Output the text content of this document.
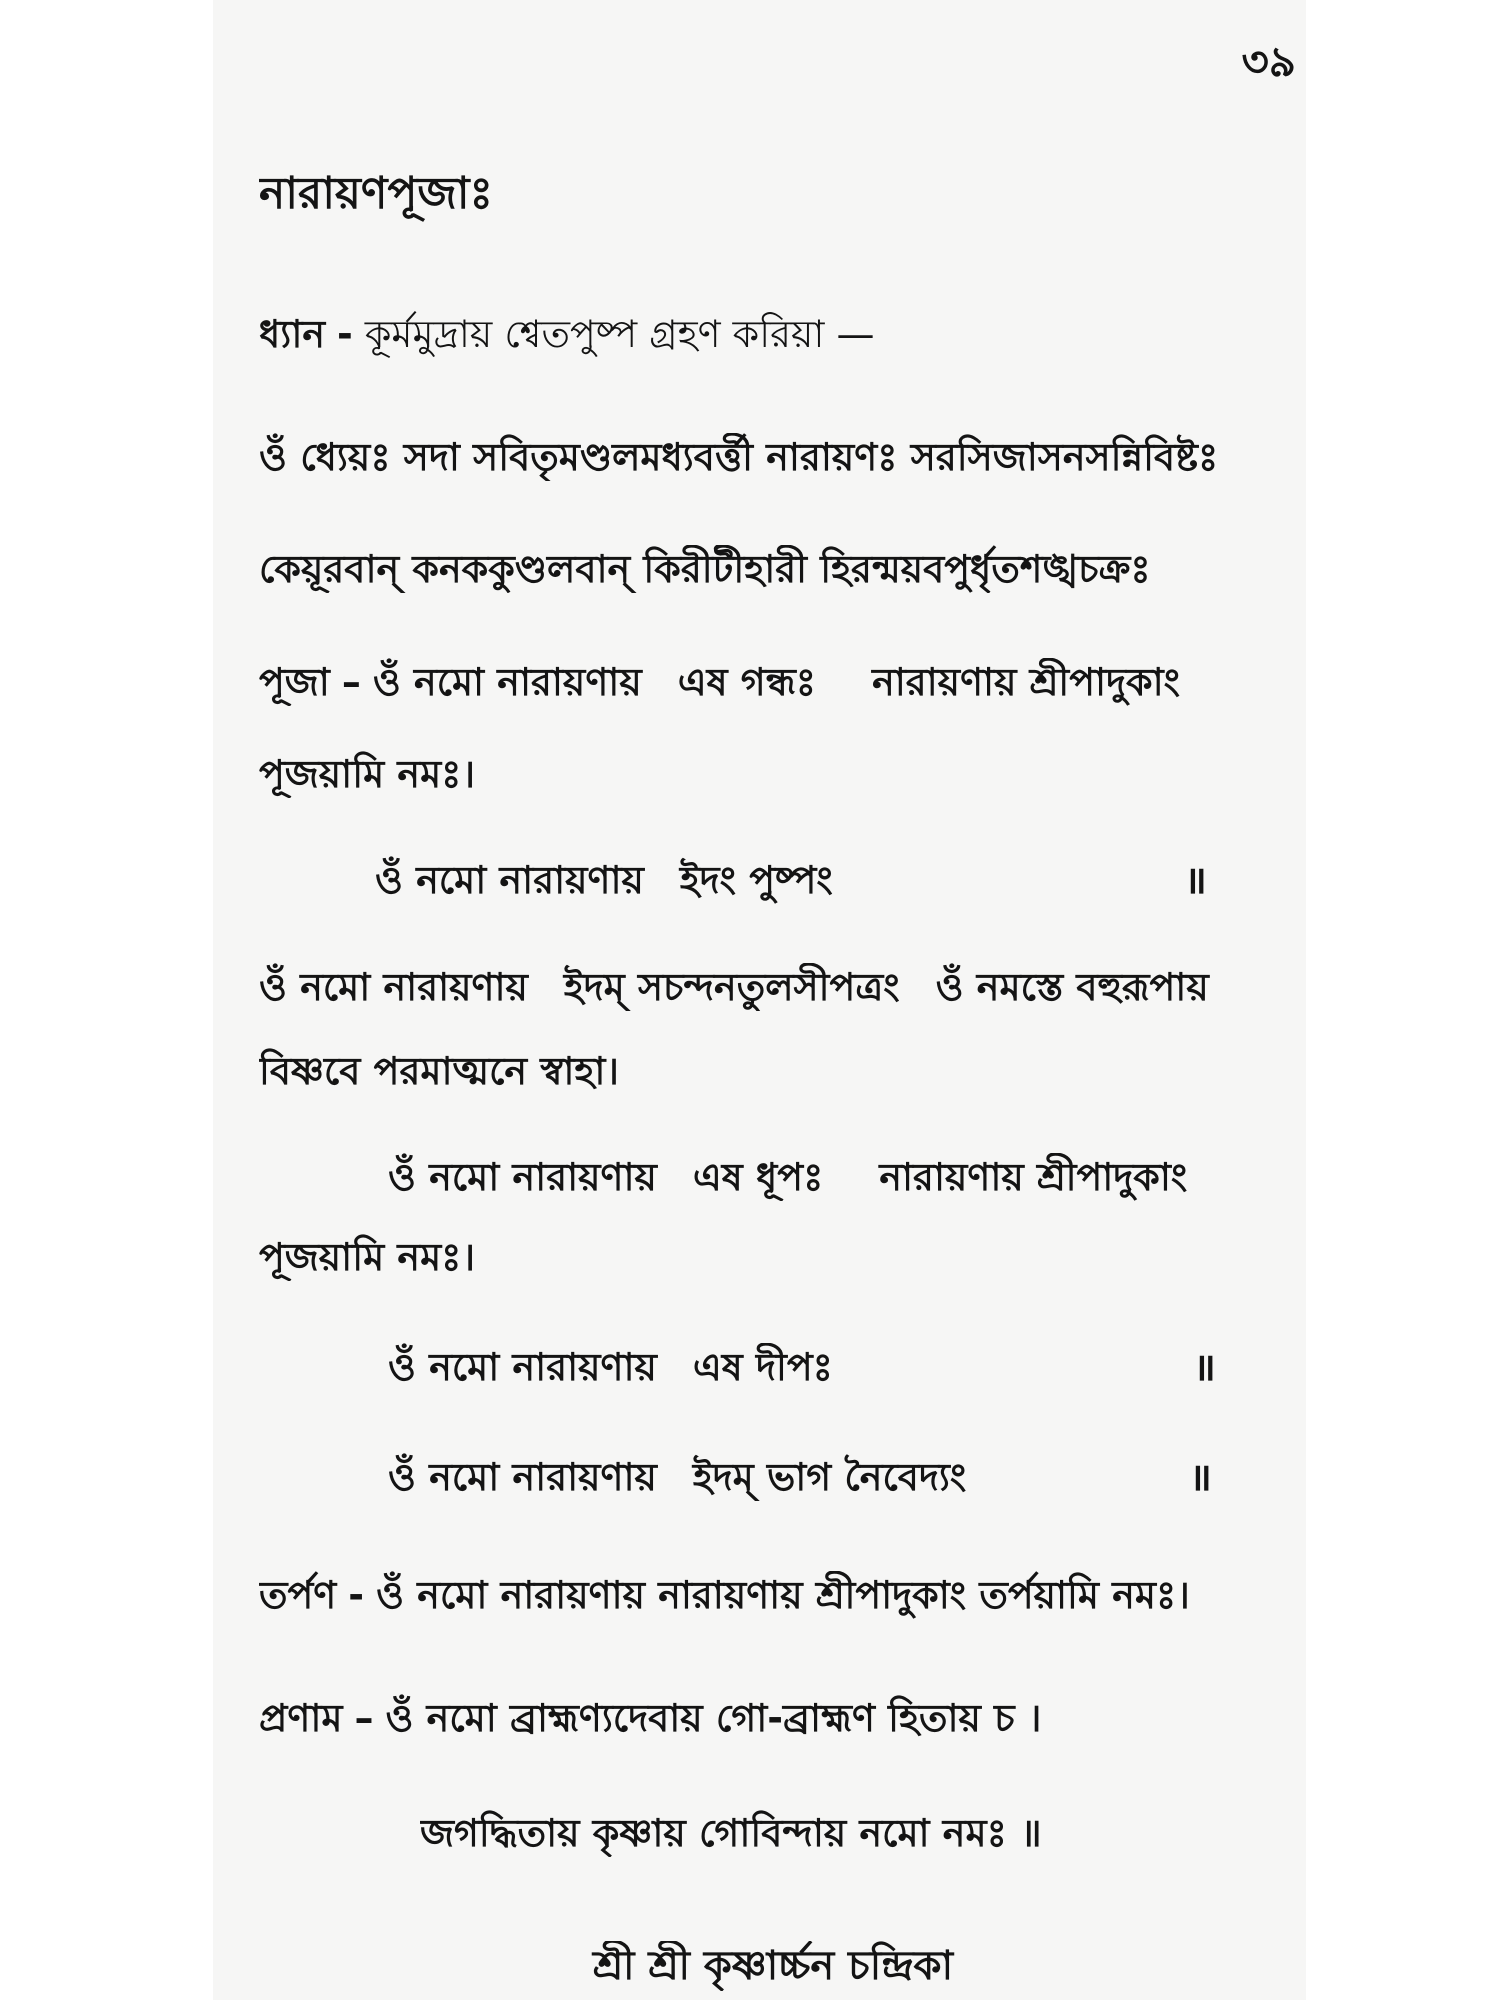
৩৯
নারায়ণপূজাঃ
ধ্যান - কূর্মমুদ্রায় শ্বেতপুষ্প গ্রহণ করিয়া —
ওঁ ধ্যেয়ঃ সদা সবিতৃমণ্ডলমধ্যবর্ত্তী নারায়ণঃ সরসিজাসনসন্নিবিষ্টঃ
কেয়ূরবান্ কনককুণ্ডলবান্ কিরীটীহারী হিরন্ময়বপুর্ধৃতশঙ্খচক্রঃ
পূজা – ওঁ নমো নারায়ণায় এষ গন্ধঃ নারায়ণায় শ্রীপাদুকাং
পূজয়ামি নমঃ।
ওঁ নমো নারায়ণায় ইদং পুষ্পং	॥
ওঁ নমো নারায়ণায় ইদম্ সচন্দনতুলসীপত্রং ওঁ নমস্তে বহুরূপায়
বিষ্ণবে পরমাত্মনে স্বাহা।
ওঁ নমো নারায়ণায় এষ ধূপঃ নারায়ণায় শ্রীপাদুকাং
পূজয়ামি নমঃ।
ওঁ নমো নারায়ণায় এষ দীপঃ	॥
ওঁ নমো নারায়ণায় ইদম্ ভাগ নৈবেদ্যং	॥
তর্পণ - ওঁ নমো নারায়ণায় নারায়ণায় শ্রীপাদুকাং তর্পয়ামি নমঃ।
প্রণাম – ওঁ নমো ব্রাহ্মণ্যদেবায় গো-ব্রাহ্মণ হিতায় চ ।
জগদ্ধিতায় কৃষ্ণায় গোবিন্দায় নমো নমঃ ॥
শ্রী শ্রী কৃষ্ণার্চ্চন চন্দ্রিকা
